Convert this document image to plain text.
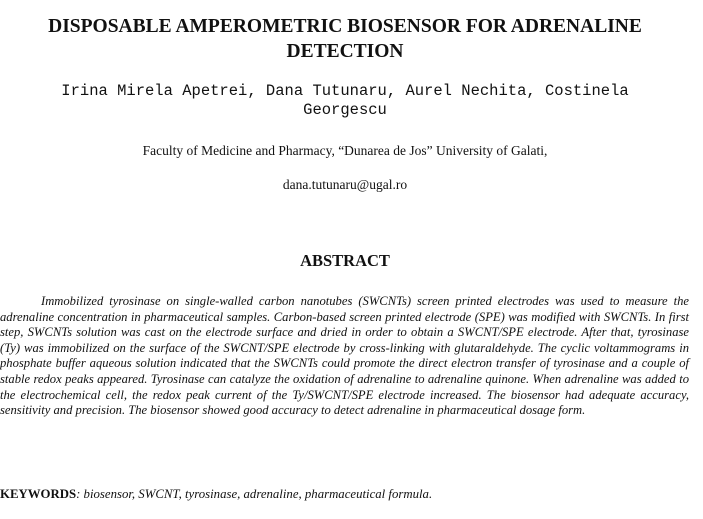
DISPOSABLE AMPEROMETRIC BIOSENSOR FOR ADRENALINE DETECTION

Irina Mirela Apetrei, Dana Tutunaru, Aurel Nechita, Costinela Georgescu

Faculty of Medicine and Pharmacy, “Dunarea de Jos” University of Galati,

dana.tutunaru@ugal.ro

ABSTRACT

Immobilized tyrosinase on single-walled carbon nanotubes (SWCNTs) screen printed electrodes was used to measure the adrenaline concentration in pharmaceutical samples. Carbon-based screen printed electrode (SPE) was modified with SWCNTs. In first step, SWCNTs solution was cast on the electrode surface and dried in order to obtain a SWCNT/SPE electrode. After that, tyrosinase (Ty) was immobilized on the surface of the SWCNT/SPE electrode by cross-linking with glutaraldehyde. The cyclic voltammograms in phosphate buffer aqueous solution indicated that the SWCNTs could promote the direct electron transfer of tyrosinase and a couple of stable redox peaks appeared. Tyrosinase can catalyze the oxidation of adrenaline to adrenaline quinone. When adrenaline was added to the electrochemical cell, the redox peak current of the Ty/SWCNT/SPE electrode increased. The biosensor had adequate accuracy, sensitivity and precision. The biosensor showed good accuracy to detect adrenaline in pharmaceutical dosage form.

KEYWORDS: biosensor, SWCNT, tyrosinase, adrenaline, pharmaceutical formula.
